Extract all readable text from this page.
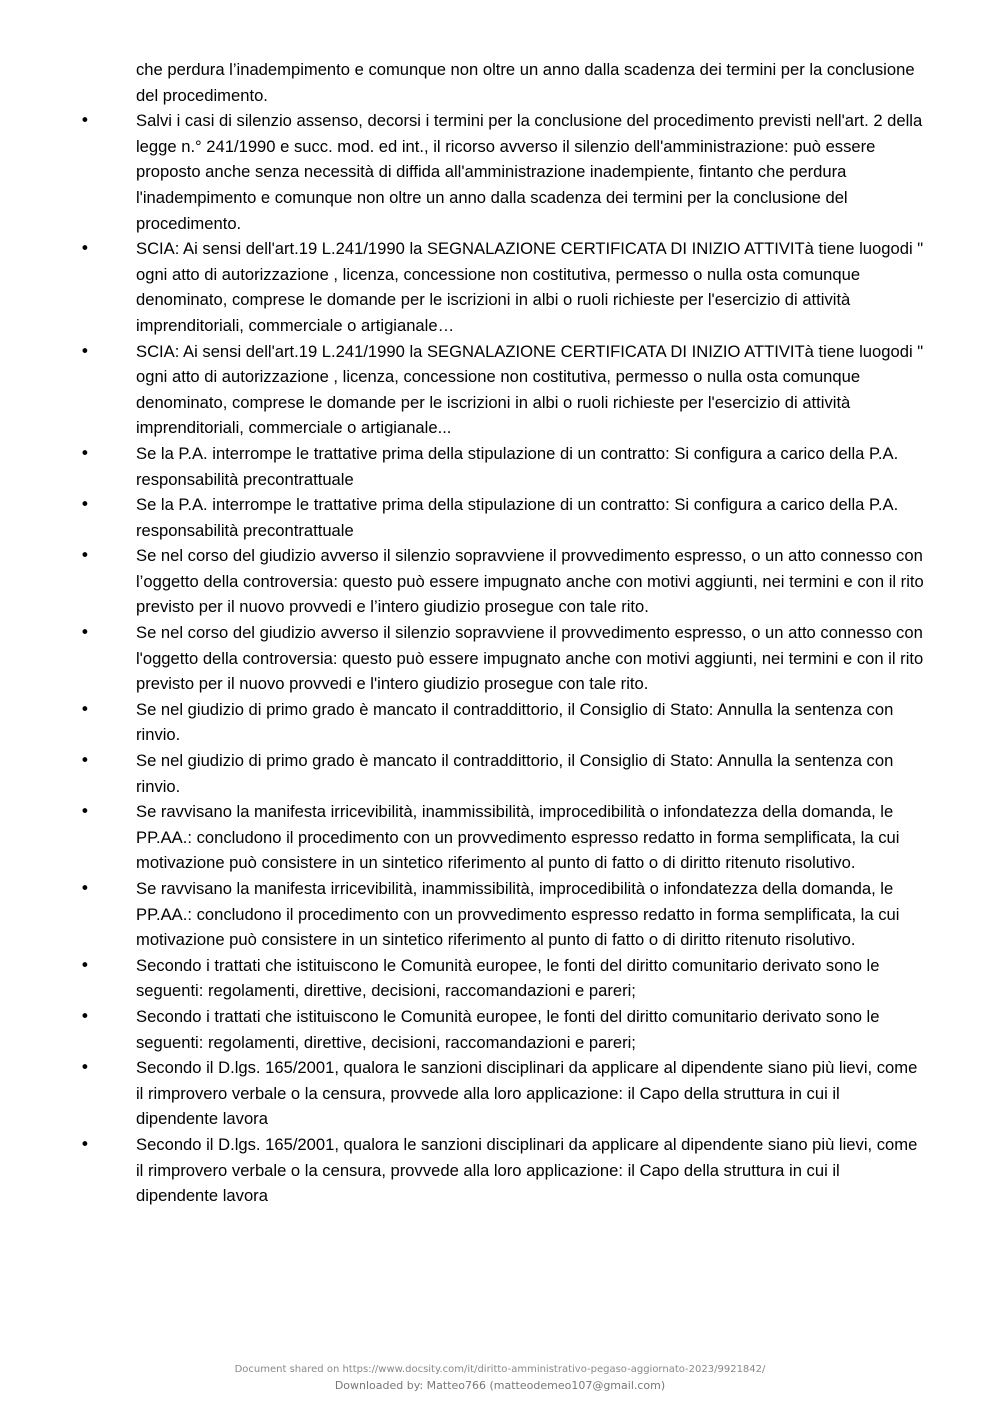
che perdura l’inadempimento e comunque non oltre un anno dalla scadenza dei termini per la conclusione del procedimento.
•	Salvi i casi di silenzio assenso, decorsi i termini per la conclusione del procedimento previsti nell'art. 2 della legge n.° 241/1990 e succ. mod. ed int., il ricorso avverso il silenzio dell'amministrazione: può essere proposto anche senza necessità di diffida all'amministrazione inadempiente, fintanto che perdura l'inadempimento e comunque non oltre un anno dalla scadenza dei termini per la conclusione del procedimento.
•	SCIA: Ai sensi dell'art.19 L.241/1990 la SEGNALAZIONE CERTIFICATA DI INIZIO ATTIVITà tiene luogodi " ogni atto di autorizzazione , licenza, concessione non costitutiva, permesso o nulla osta comunque denominato, comprese le domande per le iscrizioni in albi o ruoli richieste per l'esercizio di attività imprenditoriali, commerciale o artigianale…
•	SCIA: Ai sensi dell'art.19 L.241/1990 la SEGNALAZIONE CERTIFICATA DI INIZIO ATTIVITà tiene luogodi " ogni atto di autorizzazione , licenza, concessione non costitutiva, permesso o nulla osta comunque denominato, comprese le domande per le iscrizioni in albi o ruoli richieste per l'esercizio di attività imprenditoriali, commerciale o artigianale...
•	Se la P.A. interrompe le trattative prima della stipulazione di un contratto: Si configura a carico della P.A. responsabilità precontrattuale
•	Se la P.A. interrompe le trattative prima della stipulazione di un contratto: Si configura a carico della P.A. responsabilità precontrattuale
•	Se nel corso del giudizio avverso il silenzio sopravviene il provvedimento espresso, o un atto connesso con l’oggetto della controversia: questo può essere impugnato anche con motivi aggiunti, nei termini e con il rito previsto per il nuovo provvedi e l’intero giudizio prosegue con tale rito.
•	Se nel corso del giudizio avverso il silenzio sopravviene il provvedimento espresso, o un atto connesso con l'oggetto della controversia: questo può essere impugnato anche con motivi aggiunti, nei termini e con il rito previsto per il nuovo provvedi e l'intero giudizio prosegue con tale rito.
•	Se nel giudizio di primo grado è mancato il contraddittorio, il Consiglio di Stato: Annulla la sentenza con rinvio.
•	Se nel giudizio di primo grado è mancato il contraddittorio, il Consiglio di Stato: Annulla la sentenza con rinvio.
•	Se ravvisano la manifesta irricevibilità, inammissibilità, improcedibilità o infondatezza della domanda, le PP.AA.: concludono il procedimento con un provvedimento espresso redatto in forma semplificata, la cui motivazione può consistere in un sintetico riferimento al punto di fatto o di diritto ritenuto risolutivo.
•	Se ravvisano la manifesta irricevibilità, inammissibilità, improcedibilità o infondatezza della domanda, le PP.AA.: concludono il procedimento con un provvedimento espresso redatto in forma semplificata, la cui motivazione può consistere in un sintetico riferimento al punto di fatto o di diritto ritenuto risolutivo.
•	Secondo i trattati che istituiscono le Comunità europee, le fonti del diritto comunitario derivato sono le seguenti: regolamenti, direttive, decisioni, raccomandazioni e pareri;
•	Secondo i trattati che istituiscono le Comunità europee, le fonti del diritto comunitario derivato sono le seguenti: regolamenti, direttive, decisioni, raccomandazioni e pareri;
•	Secondo il D.lgs. 165/2001, qualora le sanzioni disciplinari da applicare al dipendente siano più lievi, come il rimprovero verbale o la censura, provvede alla loro applicazione: il Capo della struttura in cui il dipendente lavora
•	Secondo il D.lgs. 165/2001, qualora le sanzioni disciplinari da applicare al dipendente siano più lievi, come il rimprovero verbale o la censura, provvede alla loro applicazione: il Capo della struttura in cui il dipendente lavora
Document shared on https://www.docsity.com/it/diritto-amministrativo-pegaso-aggiornato-2023/9921842/
Downloaded by: Matteo766 (matteodemeo107@gmail.com)
